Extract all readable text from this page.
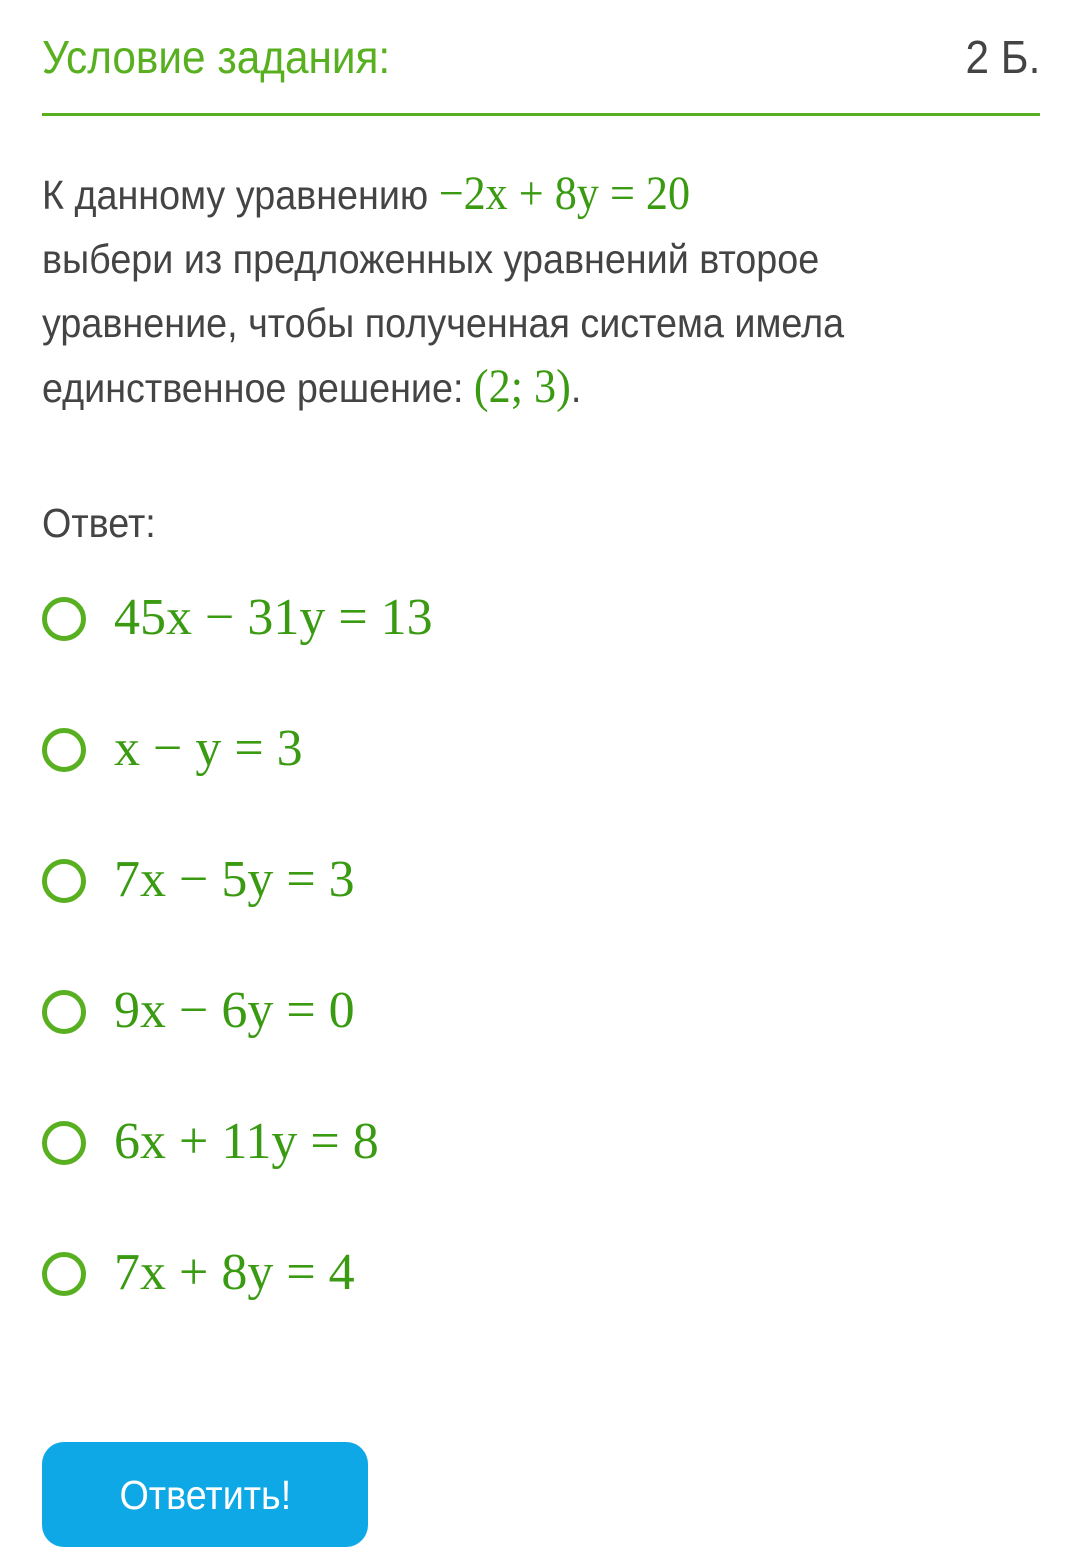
Условие задания:	2 Б.
К данному уравнению −2x + 8y = 20
выбери из предложенных уравнений второе
уравнение, чтобы полученная система имела
единственное решение: (2; 3).
Ответ:
45x − 31y = 13
x − y = 3
7x − 5y = 3
9x − 6y = 0
6x + 11y = 8
7x + 8y = 4
Ответить!
